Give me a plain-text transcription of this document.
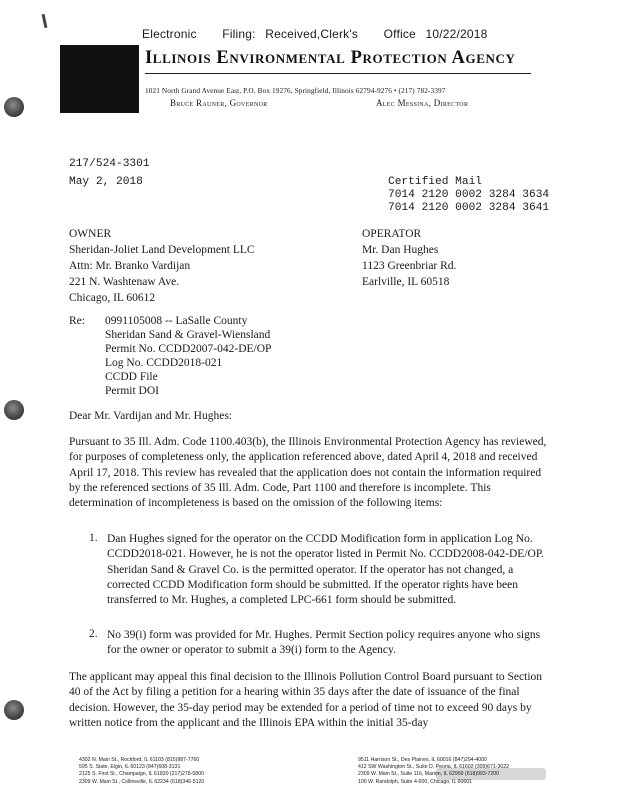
Electronic Filing: Received,Clerk's Office 10/22/2018
Illinois Environmental Protection Agency
1021 North Grand Avenue East, P.O. Box 19276, Springfield, Illinois 62794-9276 • (217) 782-3397
Bruce Rauner, Governor	Alec Messina, Director
217/524-3301
May 2, 2018	Certified Mail
7014 2120 0002 3284 3634
7014 2120 0002 3284 3641
OWNER
Sheridan-Joliet Land Development LLC
Attn: Mr. Branko Vardijan
221 N. Washtenaw Ave.
Chicago, IL 60612
OPERATOR
Mr. Dan Hughes
1123 Greenbriar Rd.
Earlville, IL 60518
Re: 0991105008 -- LaSalle County
Sheridan Sand & Gravel-Wiensland
Permit No. CCDD2007-042-DE/OP
Log No. CCDD2018-021
CCDD File
Permit DOI
Dear Mr. Vardijan and Mr. Hughes:
Pursuant to 35 Ill. Adm. Code 1100.403(b), the Illinois Environmental Protection Agency has reviewed, for purposes of completeness only, the application referenced above, dated April 4, 2018 and received April 17, 2018. This review has revealed that the application does not contain the information required by the referenced sections of 35 Ill. Adm. Code, Part 1100 and therefore is incomplete. This determination of incompleteness is based on the omission of the following items:
1. Dan Hughes signed for the operator on the CCDD Modification form in application Log No. CCDD2018-021. However, he is not the operator listed in Permit No. CCDD2008-042-DE/OP. Sheridan Sand & Gravel Co. is the permitted operator. If the operator has not changed, a corrected CCDD Modification form should be submitted. If the operator rights have been transferred to Mr. Hughes, a completed LPC-661 form should be submitted.
2. No 39(i) form was provided for Mr. Hughes. Permit Section policy requires anyone who signs for the owner or operator to submit a 39(i) form to the Agency.
The applicant may appeal this final decision to the Illinois Pollution Control Board pursuant to Section 40 of the Act by filing a petition for a hearing within 35 days after the date of issuance of the final decision. However, the 35-day period may be extended for a period of time not to exceed 90 days by written notice from the applicant and the Illinois EPA within the initial 35-day
4302 N. Main St., Rockford, IL 61103 (815)987-7760
595 S. State, Elgin, IL 60123 (847)608-3131
2125 S. First St., Champaign, IL 61820 (217)278-5800
2309 W. Main St., Collinsville, IL 62234 (618)346-5120
9511 Harrison St., Des Plaines, IL 60016 (847)294-4000
412 SW Washington St., Suite D, Peoria, IL 61602 (309)671-3022
2309 W. Main St., Suite 116, Marion, IL 62959 (618)993-7200
100 W. Randolph, Suite 4-500, Chicago, IL 60601
